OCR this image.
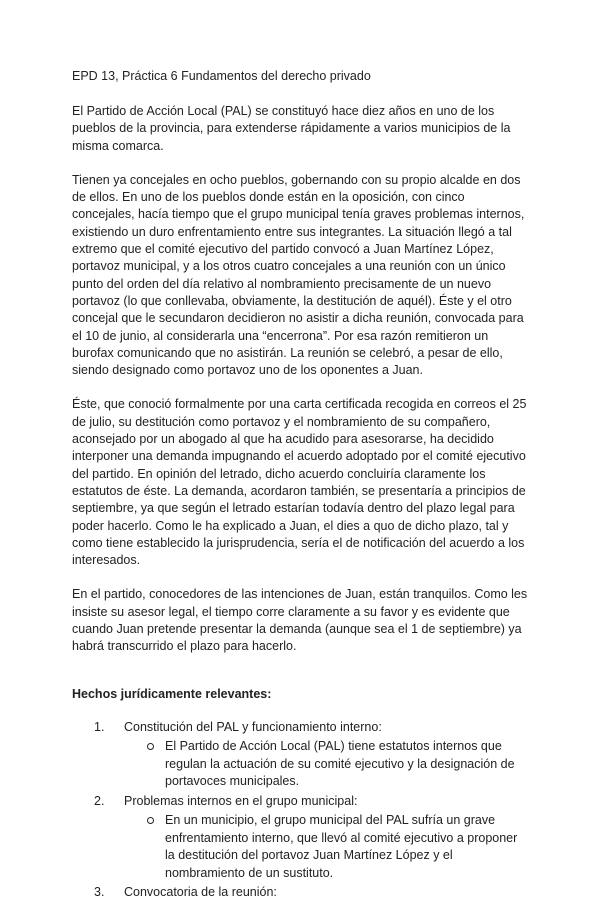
EPD 13, Práctica 6 Fundamentos del derecho privado

El Partido de Acción Local (PAL) se constituyó hace diez años en uno de los pueblos de la provincia, para extenderse rápidamente a varios municipios de la misma comarca.

Tienen ya concejales en ocho pueblos, gobernando con su propio alcalde en dos de ellos. En uno de los pueblos donde están en la oposición, con cinco concejales, hacía tiempo que el grupo municipal tenía graves problemas internos, existiendo un duro enfrentamiento entre sus integrantes. La situación llegó a tal extremo que el comité ejecutivo del partido convocó a Juan Martínez López, portavoz municipal, y a los otros cuatro concejales a una reunión con un único punto del orden del día relativo al nombramiento precisamente de un nuevo portavoz (lo que conllevaba, obviamente, la destitución de aquél). Éste y el otro concejal que le secundaron decidieron no asistir a dicha reunión, convocada para el 10 de junio, al considerarla una “encerrona”. Por esa razón remitieron un burofax comunicando que no asistirán. La reunión se celebró, a pesar de ello, siendo designado como portavoz uno de los oponentes a Juan.

Éste, que conoció formalmente por una carta certificada recogida en correos el 25 de julio, su destitución como portavoz y el nombramiento de su compañero, aconsejado por un abogado al que ha acudido para asesorarse, ha decidido interponer una demanda impugnando el acuerdo adoptado por el comité ejecutivo del partido. En opinión del letrado, dicho acuerdo concluiría claramente los estatutos de éste. La demanda, acordaron también, se presentaría a principios de septiembre, ya que según el letrado estarían todavía dentro del plazo legal para poder hacerlo. Como le ha explicado a Juan, el dies a quo de dicho plazo, tal y como tiene establecido la jurisprudencia, sería el de notificación del acuerdo a los interesados.

En el partido, conocedores de las intenciones de Juan, están tranquilos. Como les insiste su asesor legal, el tiempo corre claramente a su favor y es evidente que cuando Juan pretende presentar la demanda (aunque sea el 1 de septiembre) ya habrá transcurrido el plazo para hacerlo.

Hechos jurídicamente relevantes:
1. Constitución del PAL y funcionamiento interno:
El Partido de Acción Local (PAL) tiene estatutos internos que regulan la actuación de su comité ejecutivo y la designación de portavoces municipales.
2. Problemas internos en el grupo municipal:
En un municipio, el grupo municipal del PAL sufría un grave enfrentamiento interno, que llevó al comité ejecutivo a proponer la destitución del portavoz Juan Martínez López y el nombramiento de un sustituto.
3. Convocatoria de la reunión:
